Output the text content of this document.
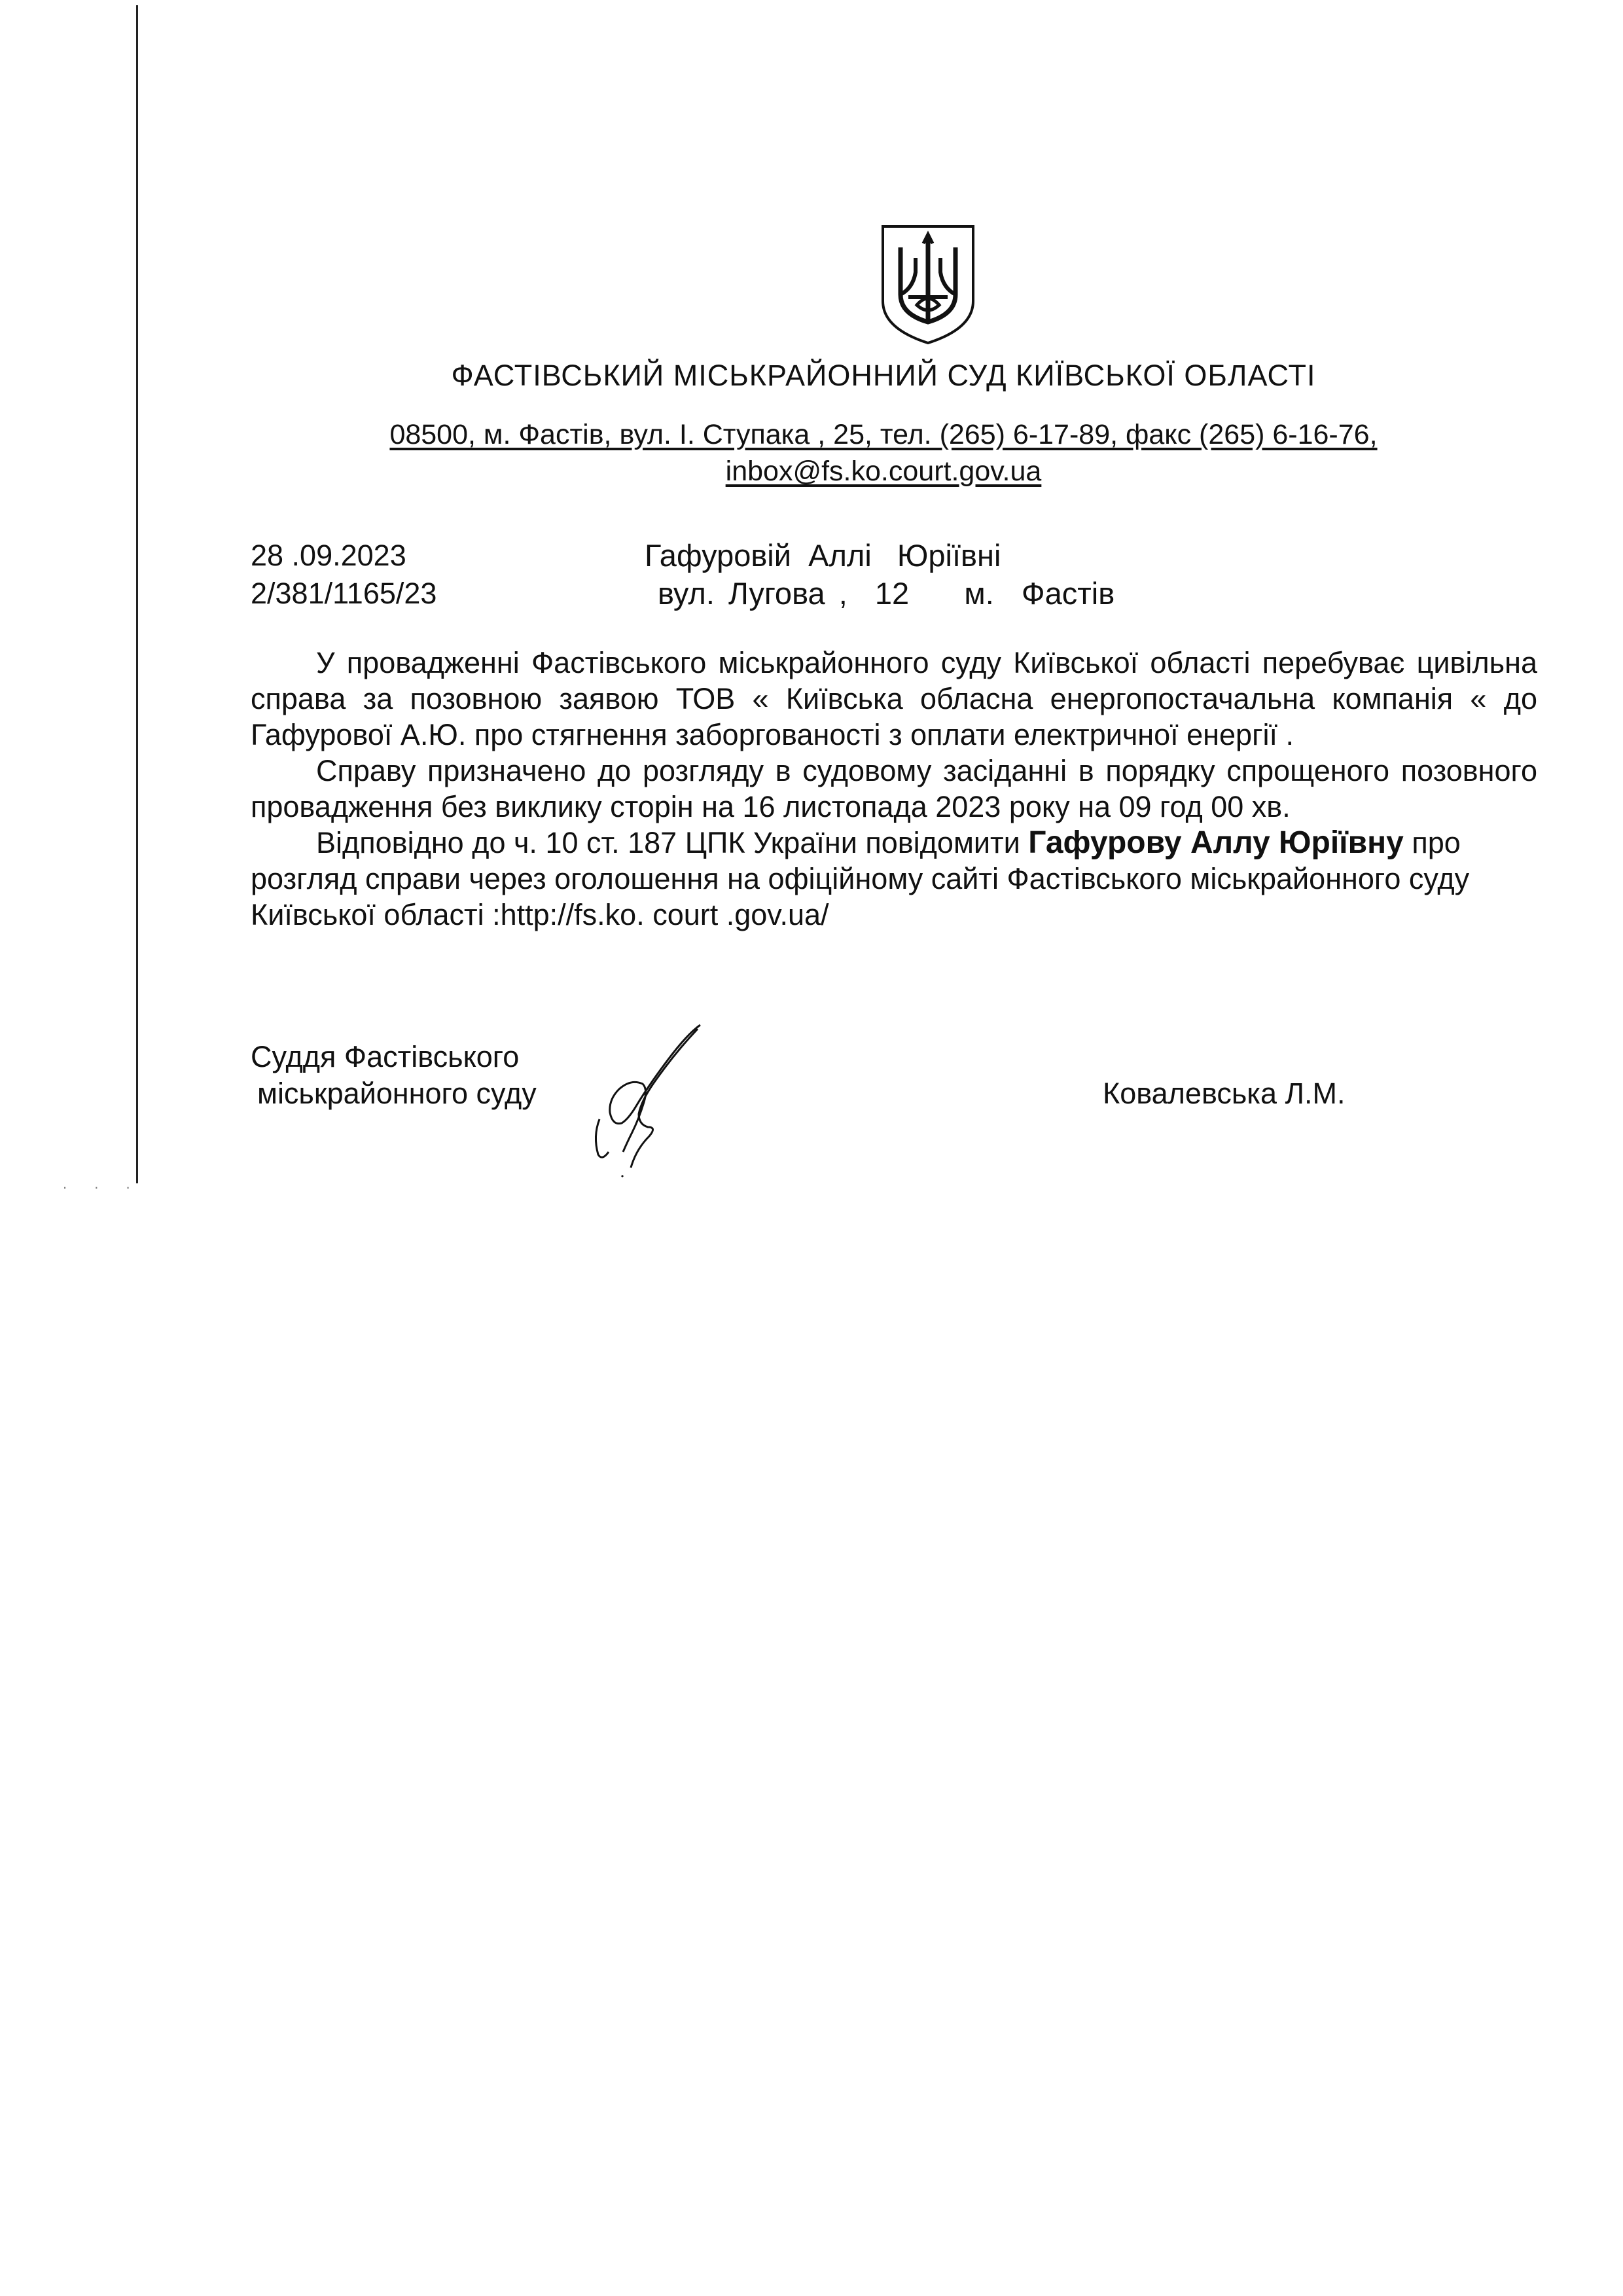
. . .
ФАСТІВСЬКИЙ МІСЬКРАЙОННИЙ СУД КИЇВСЬКОЇ ОБЛАСТІ
08500, м. Фастів, вул. І. Ступака , 25, тел. (265) 6-17-89, факс (265) 6-16-76,
inbox@fs.ko.court.gov.ua
28 .09.2023
2/381/1165/23
Гафуровій  Аллі   Юріївні
вул. Лугова ,  12    м.  Фастів

У провадженні Фастівського міськрайонного суду Київської області перебуває цивільна справа за позовною заявою ТОВ « Київська обласна енергопостачальна компанія « до Гафурової А.Ю. про стягнення заборгованості з оплати електричної енергії .

Справу призначено до розгляду в судовому засіданні в порядку спрощеного позовного провадження без виклику сторін на 16 листопада 2023 року на 09 год 00 хв.

Відповідно до ч. 10 ст. 187 ЦПК України повідомити Гафурову Аллу Юріївну про розгляд справи через оголошення на офіційному сайті Фастівського міськрайонного суду Київської області :http://fs.ko. court .gov.ua/

Суддя Фастівського
міськрайонного суду	Ковалевська Л.М.
